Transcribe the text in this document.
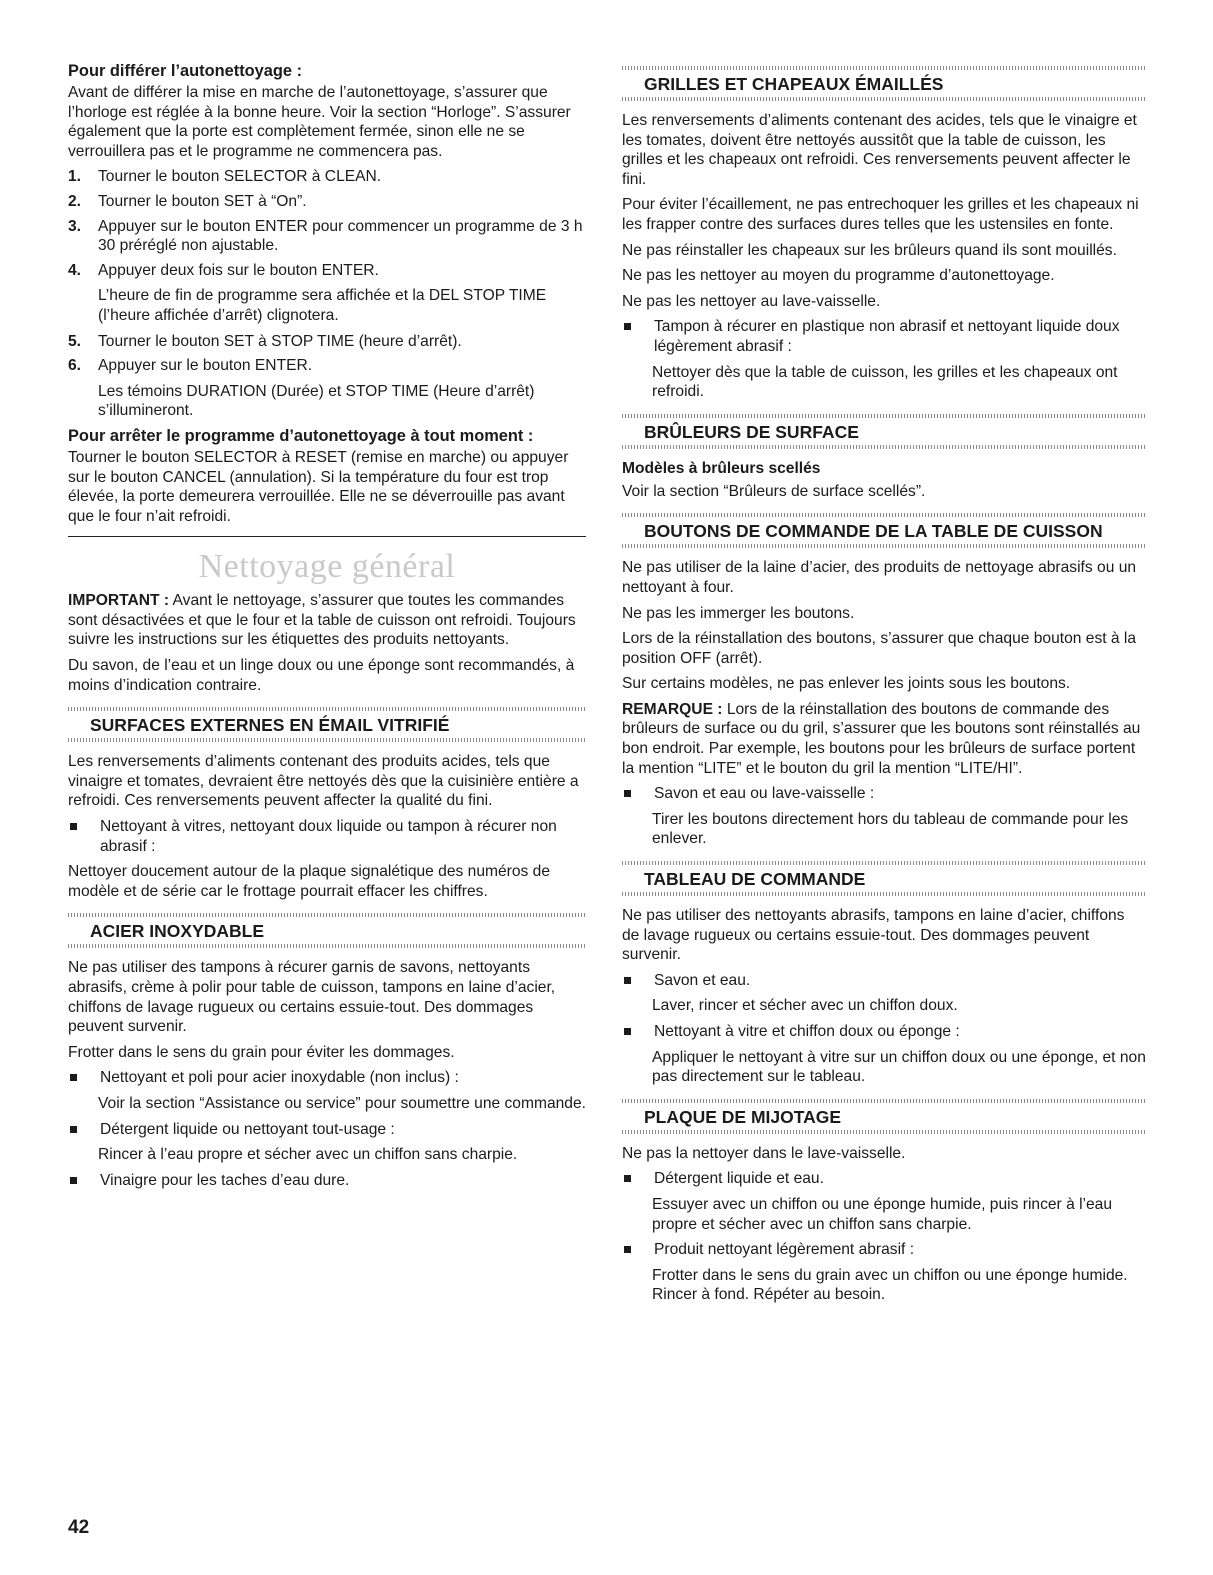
Pour différer l’autonettoyage :

Avant de différer la mise en marche de l’autonettoyage, s’assurer que l’horloge est réglée à la bonne heure. Voir la section “Horloge”. S’assurer également que la porte est complètement fermée, sinon elle ne se verrouillera pas et le programme ne commencera pas.

1. Tourner le bouton SELECTOR à CLEAN.
2. Tourner le bouton SET à “On”.
3. Appuyer sur le bouton ENTER pour commencer un programme de 3 h 30 préréglé non ajustable.
4. Appuyer deux fois sur le bouton ENTER.

L’heure de fin de programme sera affichée et la DEL STOP TIME (l’heure affichée d’arrêt) clignotera.

5. Tourner le bouton SET à STOP TIME (heure d’arrêt).
6. Appuyer sur le bouton ENTER.

Les témoins DURATION (Durée) et STOP TIME (Heure d’arrêt) s’illumineront.

Pour arrêter le programme d’autonettoyage à tout moment :

Tourner le bouton SELECTOR à RESET (remise en marche) ou appuyer sur le bouton CANCEL (annulation). Si la température du four est trop élevée, la porte demeurera verrouillée. Elle ne se déverrouille pas avant que le four n’ait refroidi.

Nettoyage général

IMPORTANT : Avant le nettoyage, s’assurer que toutes les commandes sont désactivées et que le four et la table de cuisson ont refroidi. Toujours suivre les instructions sur les étiquettes des produits nettoyants.

Du savon, de l’eau et un linge doux ou une éponge sont recommandés, à moins d’indication contraire.

SURFACES EXTERNES EN ÉMAIL VITRIFIÉ

Les renversements d’aliments contenant des produits acides, tels que vinaigre et tomates, devraient être nettoyés dès que la cuisinière entière a refroidi. Ces renversements peuvent affecter la qualité du fini.

Nettoyant à vitres, nettoyant doux liquide ou tampon à récurer non abrasif :

Nettoyer doucement autour de la plaque signalétique des numéros de modèle et de série car le frottage pourrait effacer les chiffres.

ACIER INOXYDABLE

Ne pas utiliser des tampons à récurer garnis de savons, nettoyants abrasifs, crème à polir pour table de cuisson, tampons en laine d’acier, chiffons de lavage rugueux ou certains essuie-tout. Des dommages peuvent survenir.

Frotter dans le sens du grain pour éviter les dommages.

Nettoyant et poli pour acier inoxydable (non inclus) :

Voir la section “Assistance ou service” pour soumettre une commande.

Détergent liquide ou nettoyant tout-usage :

Rincer à l’eau propre et sécher avec un chiffon sans charpie.

Vinaigre pour les taches d’eau dure.
GRILLES ET CHAPEAUX ÉMAILLÉS

Les renversements d’aliments contenant des acides, tels que le vinaigre et les tomates, doivent être nettoyés aussitôt que la table de cuisson, les grilles et les chapeaux ont refroidi. Ces renversements peuvent affecter le fini.

Pour éviter l’écaillement, ne pas entrechoquer les grilles et les chapeaux ni les frapper contre des surfaces dures telles que les ustensiles en fonte.

Ne pas réinstaller les chapeaux sur les brûleurs quand ils sont mouillés.

Ne pas les nettoyer au moyen du programme d’autonettoyage.

Ne pas les nettoyer au lave-vaisselle.

Tampon à récurer en plastique non abrasif et nettoyant liquide doux légèrement abrasif :

Nettoyer dès que la table de cuisson, les grilles et les chapeaux ont refroidi.

BRÛLEURS DE SURFACE
Modèles à brûleurs scellés

Voir la section “Brûleurs de surface scellés”.

BOUTONS DE COMMANDE DE LA TABLE DE CUISSON

Ne pas utiliser de la laine d’acier, des produits de nettoyage abrasifs ou un nettoyant à four.

Ne pas les immerger les boutons.

Lors de la réinstallation des boutons, s’assurer que chaque bouton est à la position OFF (arrêt).

Sur certains modèles, ne pas enlever les joints sous les boutons.

REMARQUE : Lors de la réinstallation des boutons de commande des brûleurs de surface ou du gril, s’assurer que les boutons sont réinstallés au bon endroit. Par exemple, les boutons pour les brûleurs de surface portent la mention “LITE” et le bouton du gril la mention “LITE/HI”.

Savon et eau ou lave-vaisselle :

Tirer les boutons directement hors du tableau de commande pour les enlever.

TABLEAU DE COMMANDE

Ne pas utiliser des nettoyants abrasifs, tampons en laine d’acier, chiffons de lavage rugueux ou certains essuie-tout. Des dommages peuvent survenir.

Savon et eau.

Laver, rincer et sécher avec un chiffon doux.

Nettoyant à vitre et chiffon doux ou éponge :

Appliquer le nettoyant à vitre sur un chiffon doux ou une éponge, et non pas directement sur le tableau.

PLAQUE DE MIJOTAGE

Ne pas la nettoyer dans le lave-vaisselle.

Détergent liquide et eau.

Essuyer avec un chiffon ou une éponge humide, puis rincer à l’eau propre et sécher avec un chiffon sans charpie.

Produit nettoyant légèrement abrasif :

Frotter dans le sens du grain avec un chiffon ou une éponge humide. Rincer à fond. Répéter au besoin.

42
